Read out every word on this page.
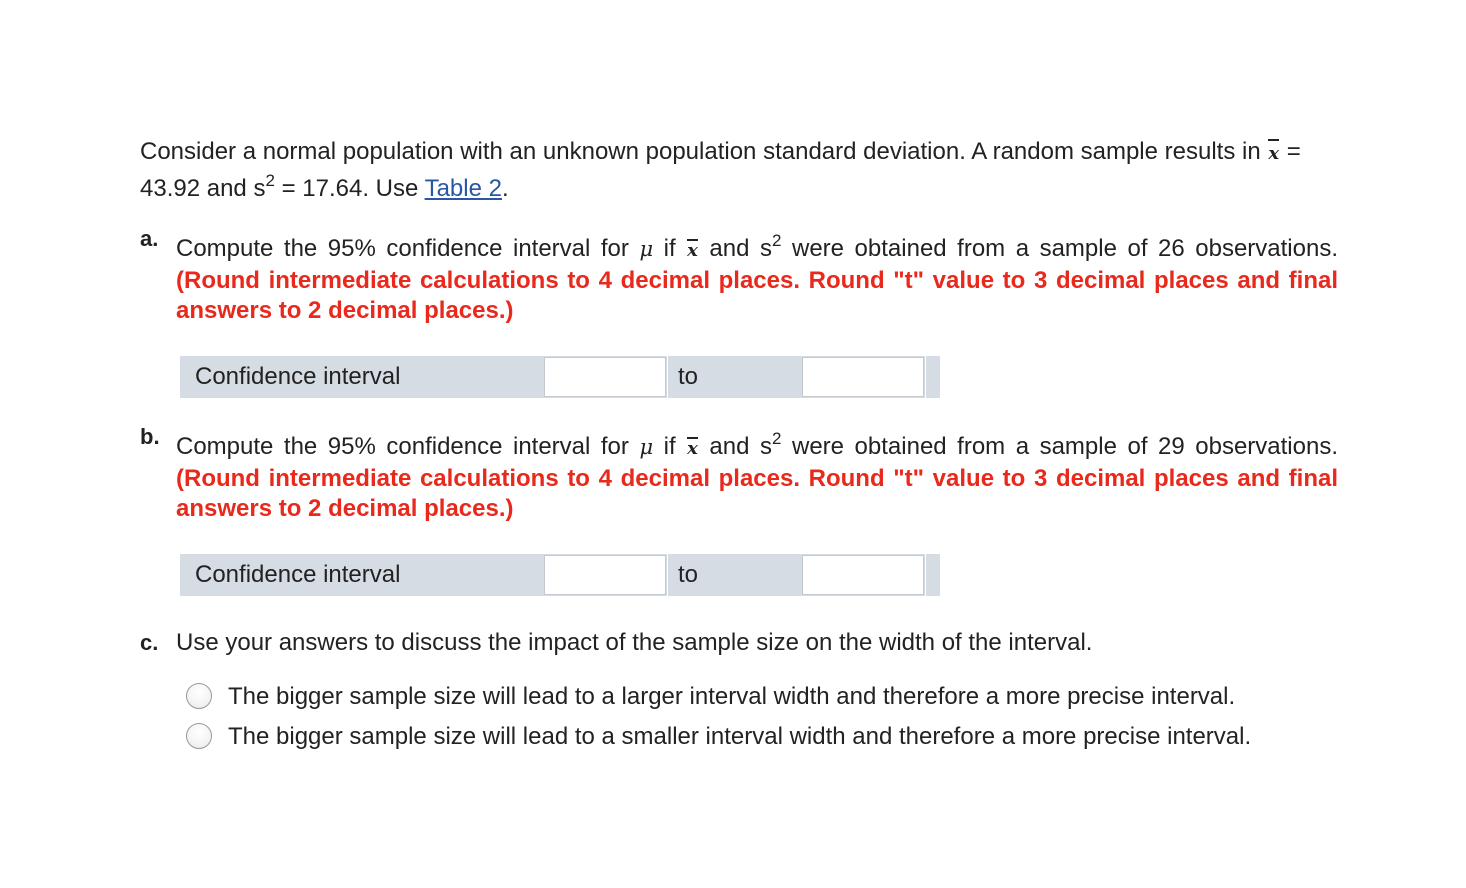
Consider a normal population with an unknown population standard deviation. A random sample results in x = 43.92 and $s^2 = 17.64$. Use Table 2.
a. Compute the 95% confidence interval for μ if x and $s^2$ were obtained from a sample of 26 observations. (Round intermediate calculations to 4 decimal places. Round "t" value to 3 decimal places and final answers to 2 decimal places.)
Confidence interval	to
b. Compute the 95% confidence interval for μ if x and $s^2$ were obtained from a sample of 29 observations. (Round intermediate calculations to 4 decimal places. Round "t" value to 3 decimal places and final answers to 2 decimal places.)
Confidence interval	to
c. Use your answers to discuss the impact of the sample size on the width of the interval.
The bigger sample size will lead to a larger interval width and therefore a more precise interval.
The bigger sample size will lead to a smaller interval width and therefore a more precise interval.
